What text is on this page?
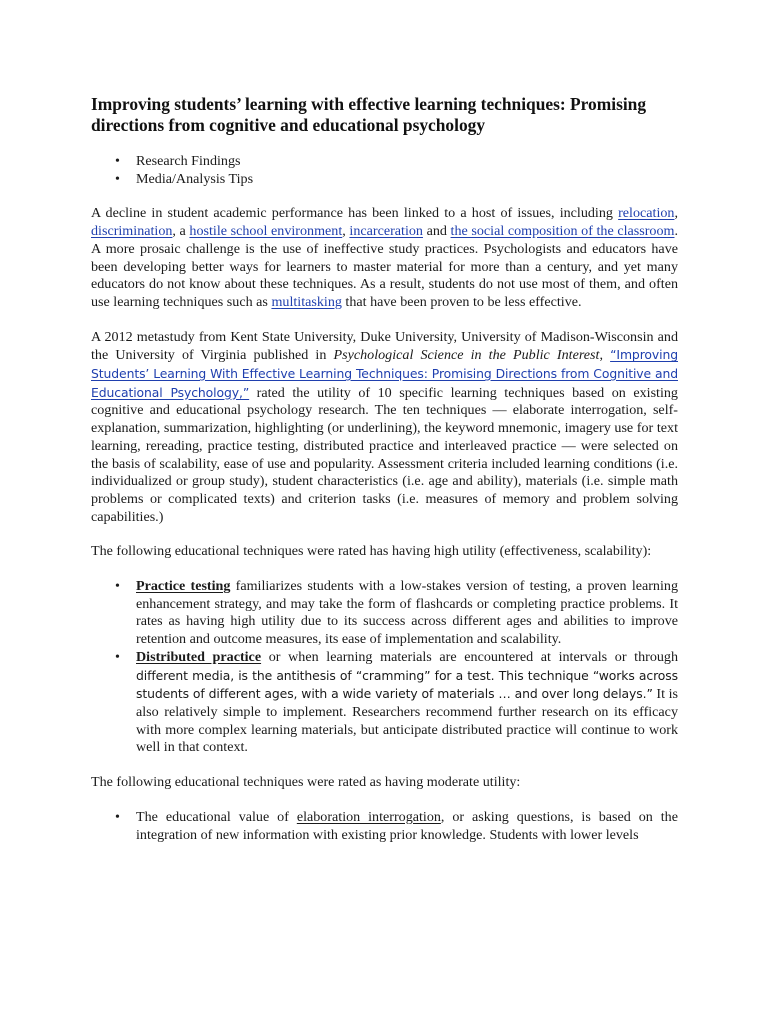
Improving students’ learning with effective learning techniques: Promising directions from cognitive and educational psychology
• Research Findings
• Media/Analysis Tips

A decline in student academic performance has been linked to a host of issues, including relocation, discrimination, a hostile school environment, incarceration and the social composition of the classroom. A more prosaic challenge is the use of ineffective study practices. Psychologists and educators have been developing better ways for learners to master material for more than a century, and yet many educators do not know about these techniques. As a result, students do not use most of them, and often use learning techniques such as multitasking that have been proven to be less effective.

A 2012 metastudy from Kent State University, Duke University, University of Madison-Wisconsin and the University of Virginia published in Psychological Science in the Public Interest, “Improving Students’ Learning With Effective Learning Techniques: Promising Directions from Cognitive and Educational Psychology,” rated the utility of 10 specific learning techniques based on existing cognitive and educational psychology research. The ten techniques — elaborate interrogation, self-explanation, summarization, highlighting (or underlining), the keyword mnemonic, imagery use for text learning, rereading, practice testing, distributed practice and interleaved practice — were selected on the basis of scalability, ease of use and popularity. Assessment criteria included learning conditions (i.e. individualized or group study), student characteristics (i.e. age and ability), materials (i.e. simple math problems or complicated texts) and criterion tasks (i.e. measures of memory and problem solving capabilities.)

The following educational techniques were rated has having high utility (effectiveness, scalability):

• Practice testing familiarizes students with a low-stakes version of testing, a proven learning enhancement strategy, and may take the form of flashcards or completing practice problems. It rates as having high utility due to its success across different ages and abilities to improve retention and outcome measures, its ease of implementation and scalability.
• Distributed practice or when learning materials are encountered at intervals or through different media, is the antithesis of “cramming” for a test. This technique “works across students of different ages, with a wide variety of materials … and over long delays.” It is also relatively simple to implement. Researchers recommend further research on its efficacy with more complex learning materials, but anticipate distributed practice will continue to work well in that context.

The following educational techniques were rated as having moderate utility:

• The educational value of elaboration interrogation, or asking questions, is based on the integration of new information with existing prior knowledge. Students with lower levels
